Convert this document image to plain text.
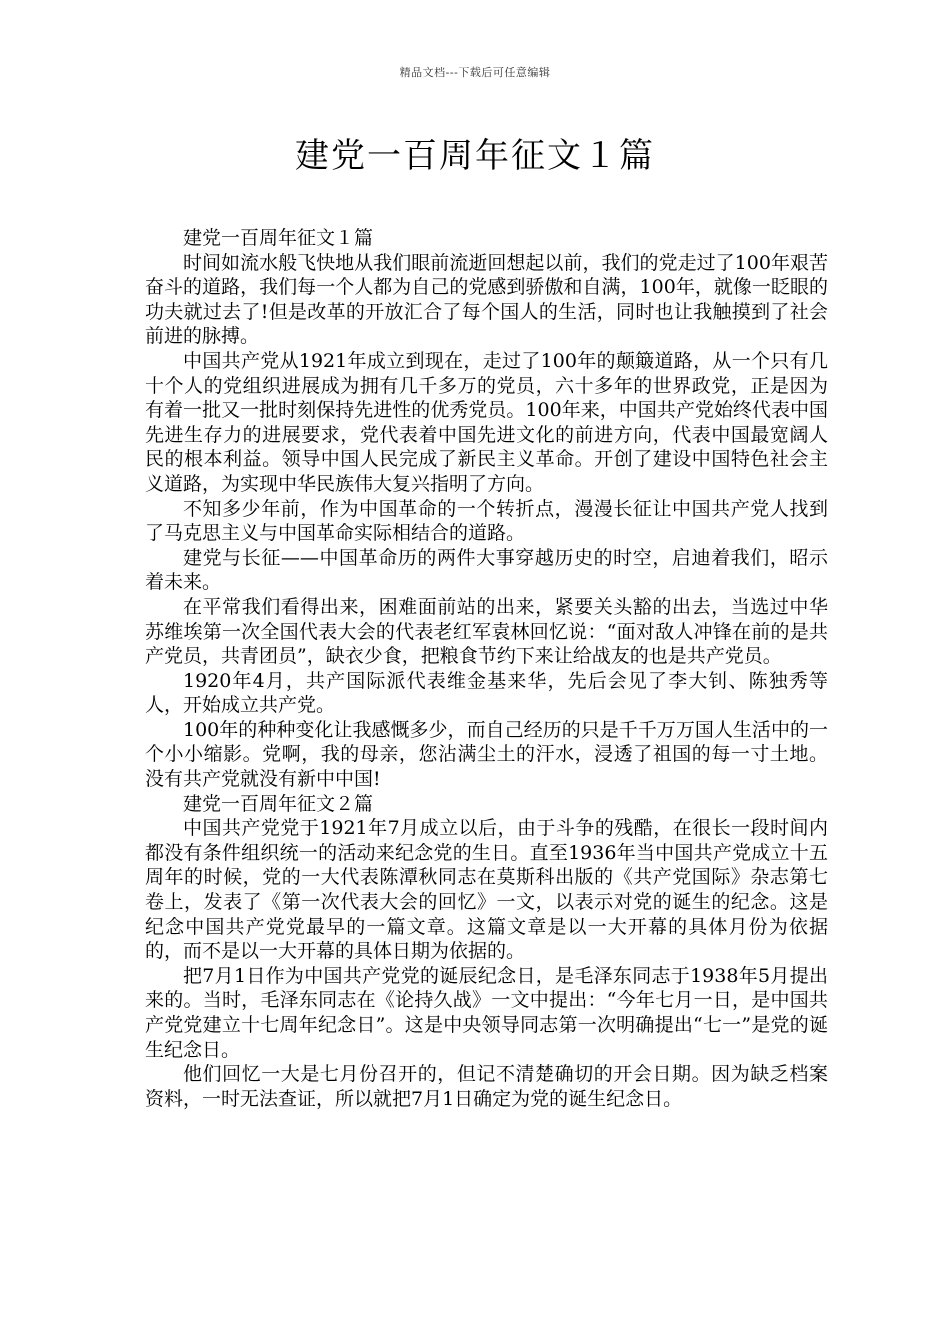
精品文档---下载后可任意编辑
建党一百周年征文１篇

建党一百周年征文１篇

时间如流水般飞快地从我们眼前流逝回想起以前，我们的党走过了100年艰苦奋斗的道路，我们每一个人都为自己的党感到骄傲和自满，100年，就像一眨眼的功夫就过去了!但是改革的开放汇合了每个国人的生活，同时也让我触摸到了社会前进的脉搏。

中国共产党从1921年成立到现在，走过了100年的颠簸道路，从一个只有几十个人的党组织进展成为拥有几千多万的党员，六十多年的世界政党，正是因为有着一批又一批时刻保持先进性的优秀党员。100年来，中国共产党始终代表中国先进生存力的进展要求，党代表着中国先进文化的前进方向，代表中国最宽阔人民的根本利益。领导中国人民完成了新民主义革命。开创了建设中国特色社会主义道路，为实现中华民族伟大复兴指明了方向。

不知多少年前，作为中国革命的一个转折点，漫漫长征让中国共产党人找到了马克思主义与中国革命实际相结合的道路。

建党与长征——中国革命历的两件大事穿越历史的时空，启迪着我们，昭示着未来。

在平常我们看得出来，困难面前站的出来，紧要关头豁的出去，当选过中华苏维埃第一次全国代表大会的代表老红军袁林回忆说：“面对敌人冲锋在前的是共产党员，共青团员”，缺衣少食，把粮食节约下来让给战友的也是共产党员。

1920年4月，共产国际派代表维金基来华，先后会见了李大钊、陈独秀等人，开始成立共产党。

100年的种种变化让我感慨多少，而自己经历的只是千千万万国人生活中的一个小小缩影。党啊，我的母亲，您沾满尘土的汗水，浸透了祖国的每一寸土地。没有共产党就没有新中中国!

建党一百周年征文２篇

中国共产党党于1921年7月成立以后，由于斗争的残酷，在很长一段时间内都没有条件组织统一的活动来纪念党的生日。直至1936年当中国共产党成立十五周年的时候，党的一大代表陈潭秋同志在莫斯科出版的《共产党国际》杂志第七卷上，发表了《第一次代表大会的回忆》一文，以表示对党的诞生的纪念。这是纪念中国共产党党最早的一篇文章。这篇文章是以一大开幕的具体月份为依据的，而不是以一大开幕的具体日期为依据的。

把7月1日作为中国共产党党的诞辰纪念日，是毛泽东同志于1938年5月提出来的。当时，毛泽东同志在《论持久战》一文中提出：“今年七月一日，是中国共产党党建立十七周年纪念日”。这是中央领导同志第一次明确提出“七一”是党的诞生纪念日。

他们回忆一大是七月份召开的，但记不清楚确切的开会日期。因为缺乏档案资料，一时无法查证，所以就把7月1日确定为党的诞生纪念日。
